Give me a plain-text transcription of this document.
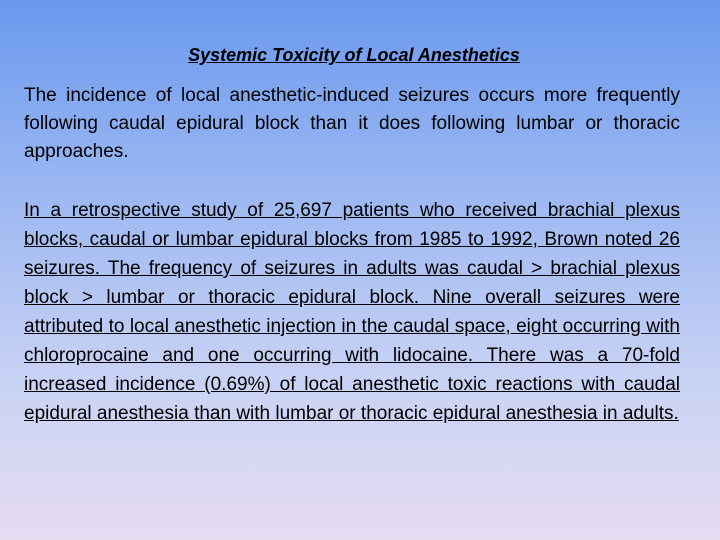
Systemic Toxicity of Local Anesthetics

The incidence of local anesthetic-induced seizures occurs more frequently following caudal epidural block than it does following lumbar or thoracic approaches.

In a retrospective study of 25,697 patients who received brachial plexus blocks, caudal or lumbar epidural blocks from 1985 to 1992, Brown noted 26 seizures. The frequency of seizures in adults was caudal > brachial plexus block > lumbar or thoracic epidural block. Nine overall seizures were attributed to local anesthetic injection in the caudal space, eight occurring with chloroprocaine and one occurring with lidocaine. There was a 70-fold increased incidence (0.69%) of local anesthetic toxic reactions with caudal epidural anesthesia than with lumbar or thoracic epidural anesthesia in adults.
